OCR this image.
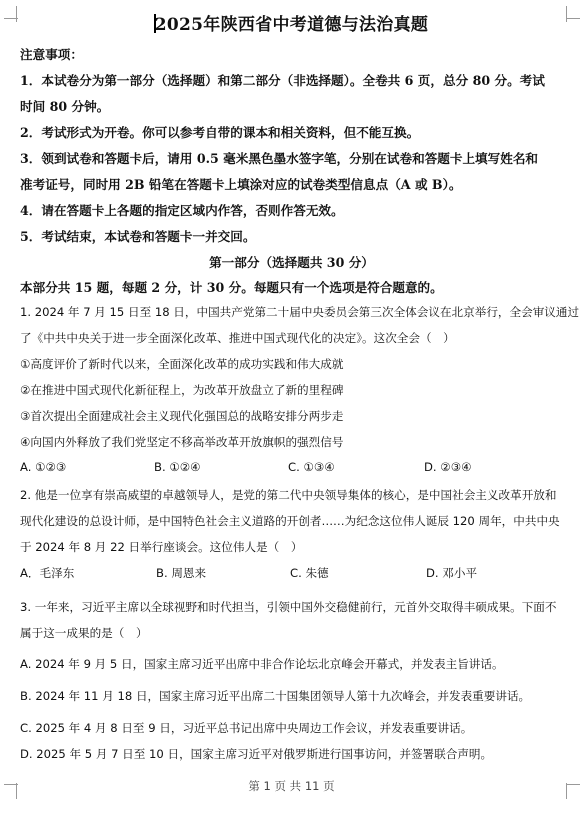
2025年陕西省中考道德与法治真题
注意事项：
1．本试卷分为第一部分（选择题）和第二部分（非选择题）。全卷共 6 页，总分 80 分。考试
时间 80 分钟。
2．考试形式为开卷。你可以参考自带的课本和相关资料，但不能互换。
3．领到试卷和答题卡后，请用 0.5 毫米黑色墨水签字笔，分别在试卷和答题卡上填写姓名和
准考证号，同时用 2B 铅笔在答题卡上填涂对应的试卷类型信息点（A 或 B）。
4．请在答题卡上各题的指定区域内作答，否则作答无效。
5．考试结束，本试卷和答题卡一并交回。
第一部分（选择题共 30 分）
本部分共 15 题，每题 2 分，计 30 分。每题只有一个选项是符合题意的。
1. 2024 年 7 月 15 日至 18 日，中国共产党第二十届中央委员会第三次全体会议在北京举行，全会审议通过
了《中共中央关于进一步全面深化改革、推进中国式现代化的决定》。这次全会（　）
①高度评价了新时代以来，全面深化改革的成功实践和伟大成就
②在推进中国式现代化新征程上，为改革开放盘立了新的里程碑
③首次提出全面建成社会主义现代化强国总的战略安排分两步走
④向国内外释放了我们党坚定不移高举改革开放旗帜的强烈信号
A. ①②③	B. ①②④	C. ①③④	D. ②③④
2. 他是一位享有崇高威望的卓越领导人，是党的第二代中央领导集体的核心，是中国社会主义改革开放和
现代化建设的总设计师，是中国特色社会主义道路的开创者……为纪念这位伟人诞辰 120 周年，中共中央
于 2024 年 8 月 22 日举行座谈会。这位伟人是（　）
A．毛泽东	B. 周恩来	C. 朱德	D. 邓小平
3. 一年来，习近平主席以全球视野和时代担当，引领中国外交稳健前行，元首外交取得丰硕成果。下面不
属于这一成果的是（　）
A. 2024 年 9 月 5 日，国家主席习近平出席中非合作论坛北京峰会开幕式，并发表主旨讲话。
B. 2024 年 11 月 18 日，国家主席习近平出席二十国集团领导人第十九次峰会，并发表重要讲话。
C. 2025 年 4 月 8 日至 9 日，习近平总书记出席中央周边工作会议，并发表重要讲话。
D. 2025 年 5 月 7 日至 10 日，国家主席习近平对俄罗斯进行国事访问，并签署联合声明。
第 1 页 共 11 页
